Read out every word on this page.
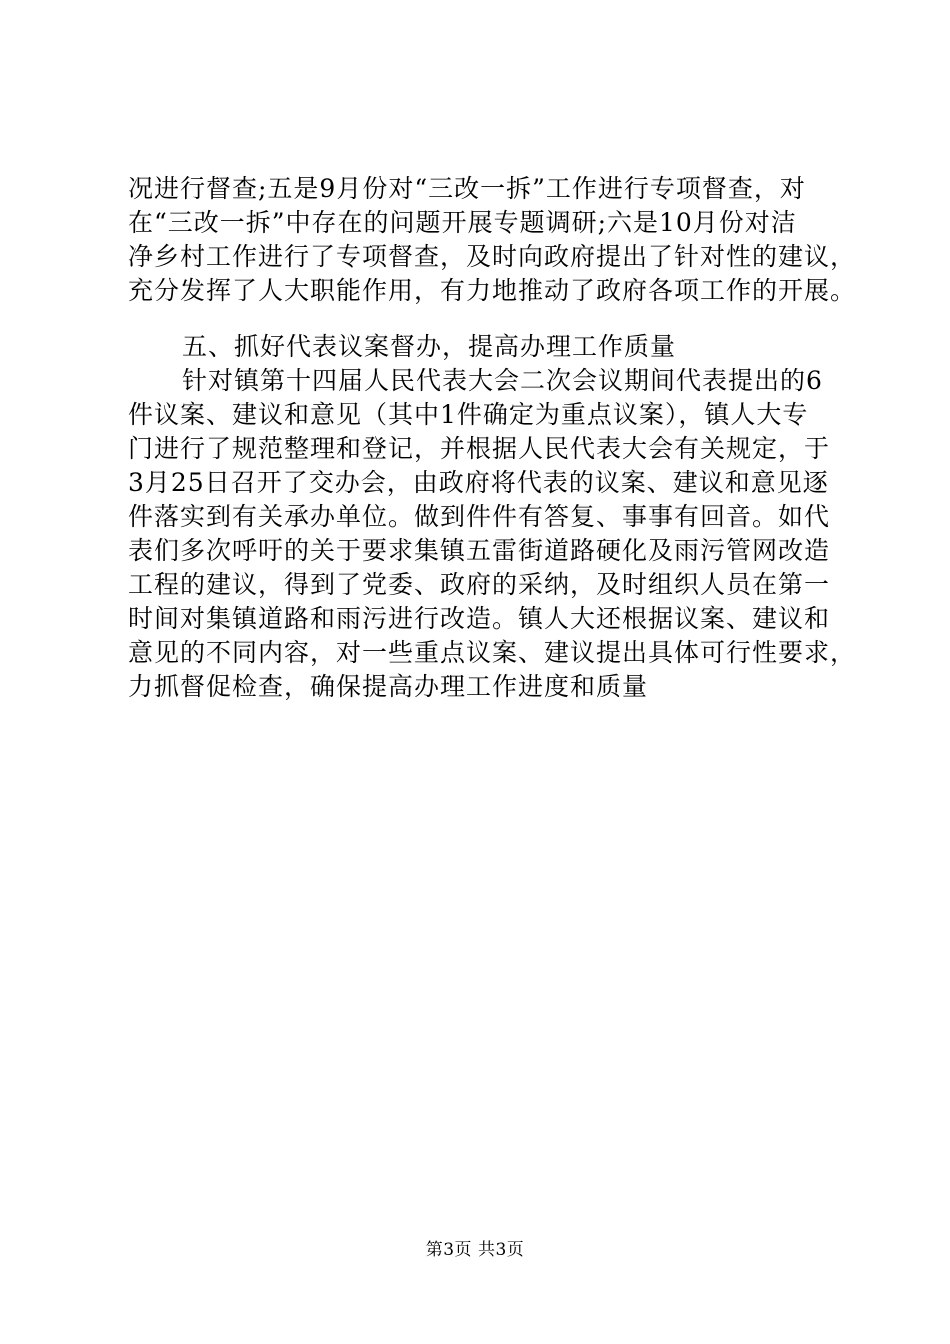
况进行督查;五是9月份对“三改一拆”工作进行专项督查，对
在“三改一拆”中存在的问题开展专题调研;六是10月份对洁
净乡村工作进行了专项督查，及时向政府提出了针对性的建议，
充分发挥了人大职能作用，有力地推动了政府各项工作的开展。
五、抓好代表议案督办，提高办理工作质量
针对镇第十四届人民代表大会二次会议期间代表提出的6
件议案、建议和意见（其中1件确定为重点议案），镇人大专
门进行了规范整理和登记，并根据人民代表大会有关规定，于
3月25日召开了交办会，由政府将代表的议案、建议和意见逐
件落实到有关承办单位。做到件件有答复、事事有回音。如代
表们多次呼吁的关于要求集镇五雷街道路硬化及雨污管网改造
工程的建议，得到了党委、政府的采纳，及时组织人员在第一
时间对集镇道路和雨污进行改造。镇人大还根据议案、建议和
意见的不同内容，对一些重点议案、建议提出具体可行性要求，
力抓督促检查，确保提高办理工作进度和质量
第3页 共3页
